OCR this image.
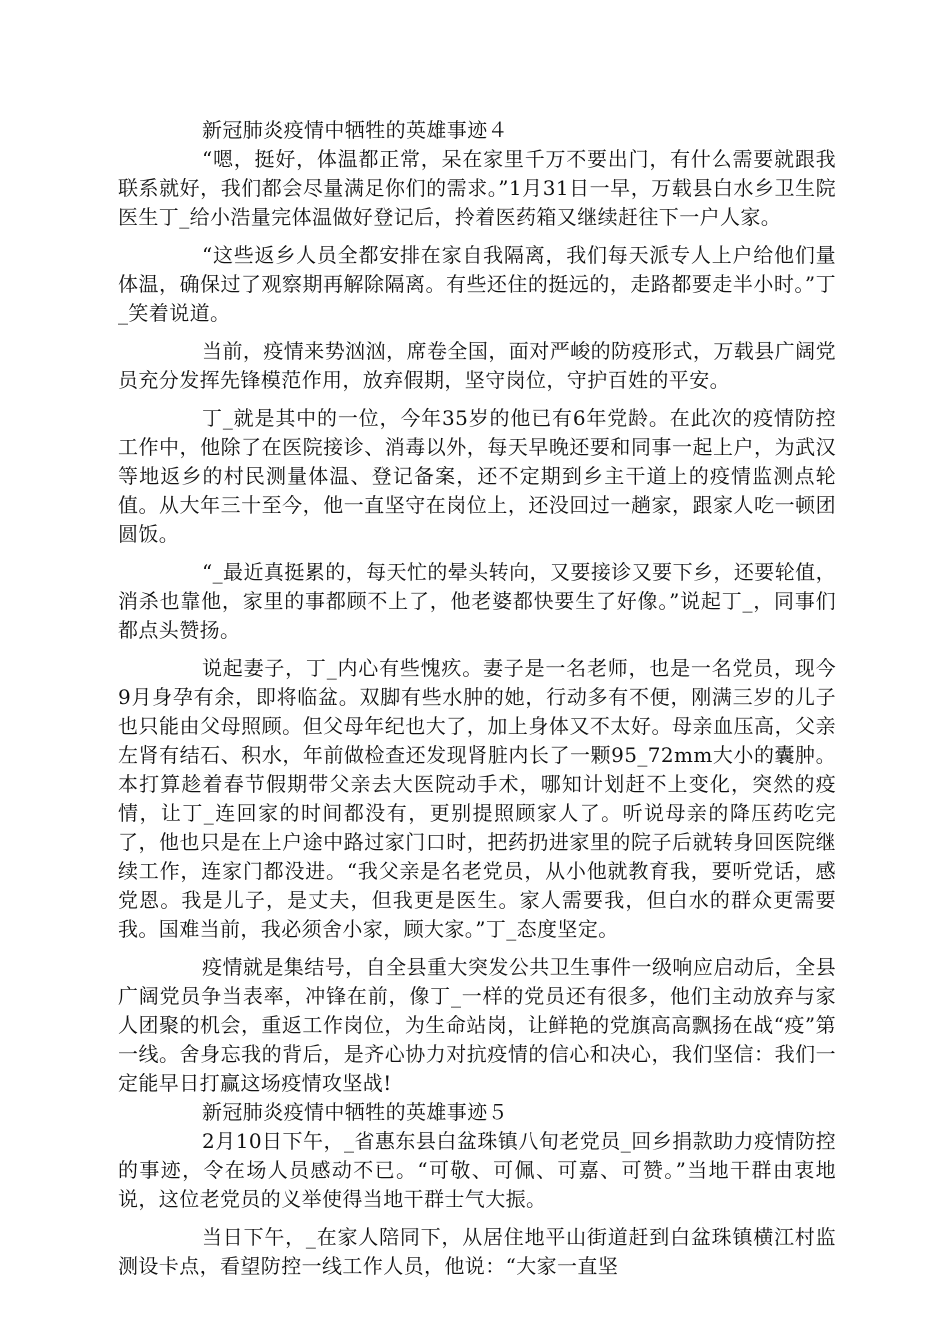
新冠肺炎疫情中牺牲的英雄事迹４

“嗯，挺好，体温都正常，呆在家里千万不要出门，有什么需要就跟我联系就好，我们都会尽量满足你们的需求。”1月31日一早，万载县白水乡卫生院医生丁_给小浩量完体温做好登记后，拎着医药箱又继续赶往下一户人家。

“这些返乡人员全都安排在家自我隔离，我们每天派专人上户给他们量体温，确保过了观察期再解除隔离。有些还住的挺远的，走路都要走半小时。”丁_笑着说道。

当前，疫情来势汹汹，席卷全国，面对严峻的防疫形式，万载县广阔党员充分发挥先锋模范作用，放弃假期，坚守岗位，守护百姓的平安。

丁_就是其中的一位，今年35岁的他已有6年党龄。在此次的疫情防控工作中，他除了在医院接诊、消毒以外，每天早晚还要和同事一起上户，为武汉等地返乡的村民测量体温、登记备案，还不定期到乡主干道上的疫情监测点轮值。从大年三十至今，他一直坚守在岗位上，还没回过一趟家，跟家人吃一顿团圆饭。

“_最近真挺累的，每天忙的晕头转向，又要接诊又要下乡，还要轮值，消杀也靠他，家里的事都顾不上了，他老婆都快要生了好像。”说起丁_，同事们都点头赞扬。

说起妻子，丁_内心有些愧疚。妻子是一名老师，也是一名党员，现今9月身孕有余，即将临盆。双脚有些水肿的她，行动多有不便，刚满三岁的儿子也只能由父母照顾。但父母年纪也大了，加上身体又不太好。母亲血压高，父亲左肾有结石、积水，年前做检查还发现肾脏内长了一颗95_72mm大小的囊肿。本打算趁着春节假期带父亲去大医院动手术，哪知计划赶不上变化，突然的疫情，让丁_连回家的时间都没有，更别提照顾家人了。听说母亲的降压药吃完了，他也只是在上户途中路过家门口时，把药扔进家里的院子后就转身回医院继续工作，连家门都没进。“我父亲是名老党员，从小他就教育我，要听党话，感党恩。我是儿子，是丈夫，但我更是医生。家人需要我，但白水的群众更需要我。国难当前，我必须舍小家，顾大家。”丁_态度坚定。

疫情就是集结号，自全县重大突发公共卫生事件一级响应启动后，全县广阔党员争当表率，冲锋在前，像丁_一样的党员还有很多，他们主动放弃与家人团聚的机会，重返工作岗位，为生命站岗，让鲜艳的党旗高高飘扬在战“疫”第一线。舍身忘我的背后，是齐心协力对抗疫情的信心和决心，我们坚信：我们一定能早日打赢这场疫情攻坚战!

新冠肺炎疫情中牺牲的英雄事迹５

2月10日下午，_省惠东县白盆珠镇八旬老党员_回乡捐款助力疫情防控的事迹，令在场人员感动不已。“可敬、可佩、可嘉、可赞。”当地干群由衷地说，这位老党员的义举使得当地干群士气大振。

当日下午，_在家人陪同下，从居住地平山街道赶到白盆珠镇横江村监测设卡点，看望防控一线工作人员，他说：“大家一直坚
